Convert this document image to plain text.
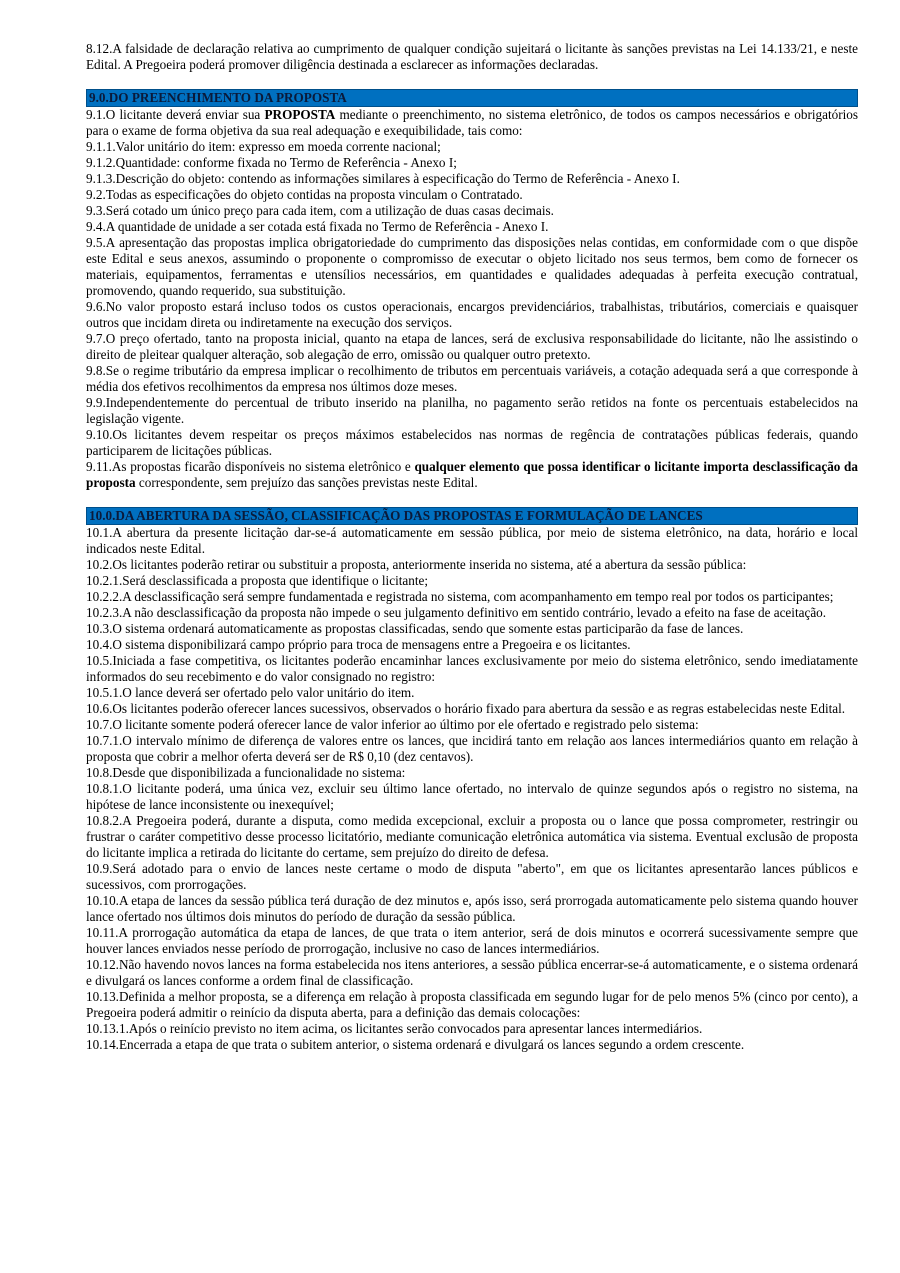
8.12.A falsidade de declaração relativa ao cumprimento de qualquer condição sujeitará o licitante às sanções previstas na Lei 14.133/21, e neste Edital. A Pregoeira poderá promover diligência destinada a esclarecer as informações declaradas.

9.0.DO PREENCHIMENTO DA PROPOSTA

9.1.O licitante deverá enviar sua PROPOSTA mediante o preenchimento, no sistema eletrônico, de todos os campos necessários e obrigatórios para o exame de forma objetiva da sua real adequação e exequibilidade, tais como:

9.1.1.Valor unitário do item: expresso em moeda corrente nacional;

9.1.2.Quantidade: conforme fixada no Termo de Referência - Anexo I;

9.1.3.Descrição do objeto: contendo as informações similares à especificação do Termo de Referência - Anexo I.

9.2.Todas as especificações do objeto contidas na proposta vinculam o Contratado.

9.3.Será cotado um único preço para cada item, com a utilização de duas casas decimais.

9.4.A quantidade de unidade a ser cotada está fixada no Termo de Referência - Anexo I.

9.5.A apresentação das propostas implica obrigatoriedade do cumprimento das disposições nelas contidas, em conformidade com o que dispõe este Edital e seus anexos, assumindo o proponente o compromisso de executar o objeto licitado nos seus termos, bem como de fornecer os materiais, equipamentos, ferramentas e utensílios necessários, em quantidades e qualidades adequadas à perfeita execução contratual, promovendo, quando requerido, sua substituição.

9.6.No valor proposto estará incluso todos os custos operacionais, encargos previdenciários, trabalhistas, tributários, comerciais e quaisquer outros que incidam direta ou indiretamente na execução dos serviços.

9.7.O preço ofertado, tanto na proposta inicial, quanto na etapa de lances, será de exclusiva responsabilidade do licitante, não lhe assistindo o direito de pleitear qualquer alteração, sob alegação de erro, omissão ou qualquer outro pretexto.

9.8.Se o regime tributário da empresa implicar o recolhimento de tributos em percentuais variáveis, a cotação adequada será a que corresponde à média dos efetivos recolhimentos da empresa nos últimos doze meses.

9.9.Independentemente do percentual de tributo inserido na planilha, no pagamento serão retidos na fonte os percentuais estabelecidos na legislação vigente.

9.10.Os licitantes devem respeitar os preços máximos estabelecidos nas normas de regência de contratações públicas federais, quando participarem de licitações públicas.

9.11.As propostas ficarão disponíveis no sistema eletrônico e qualquer elemento que possa identificar o licitante importa desclassificação da proposta correspondente, sem prejuízo das sanções previstas neste Edital.

10.0.DA ABERTURA DA SESSÃO, CLASSIFICAÇÃO DAS PROPOSTAS E FORMULAÇÃO DE LANCES

10.1.A abertura da presente licitação dar-se-á automaticamente em sessão pública, por meio de sistema eletrônico, na data, horário e local indicados neste Edital.

10.2.Os licitantes poderão retirar ou substituir a proposta, anteriormente inserida no sistema, até a abertura da sessão pública:

10.2.1.Será desclassificada a proposta que identifique o licitante;

10.2.2.A desclassificação será sempre fundamentada e registrada no sistema, com acompanhamento em tempo real por todos os participantes;

10.2.3.A não desclassificação da proposta não impede o seu julgamento definitivo em sentido contrário, levado a efeito na fase de aceitação.

10.3.O sistema ordenará automaticamente as propostas classificadas, sendo que somente estas participarão da fase de lances.

10.4.O sistema disponibilizará campo próprio para troca de mensagens entre a Pregoeira e os licitantes.

10.5.Iniciada a fase competitiva, os licitantes poderão encaminhar lances exclusivamente por meio do sistema eletrônico, sendo imediatamente informados do seu recebimento e do valor consignado no registro:

10.5.1.O lance deverá ser ofertado pelo valor unitário do item.

10.6.Os licitantes poderão oferecer lances sucessivos, observados o horário fixado para abertura da sessão e as regras estabelecidas neste Edital.

10.7.O licitante somente poderá oferecer lance de valor inferior ao último por ele ofertado e registrado pelo sistema:

10.7.1.O intervalo mínimo de diferença de valores entre os lances, que incidirá tanto em relação aos lances intermediários quanto em relação à proposta que cobrir a melhor oferta deverá ser de R$ 0,10 (dez centavos).

10.8.Desde que disponibilizada a funcionalidade no sistema:

10.8.1.O licitante poderá, uma única vez, excluir seu último lance ofertado, no intervalo de quinze segundos após o registro no sistema, na hipótese de lance inconsistente ou inexequível;

10.8.2.A Pregoeira poderá, durante a disputa, como medida excepcional, excluir a proposta ou o lance que possa comprometer, restringir ou frustrar o caráter competitivo desse processo licitatório, mediante comunicação eletrônica automática via sistema. Eventual exclusão de proposta do licitante implica a retirada do licitante do certame, sem prejuízo do direito de defesa.

10.9.Será adotado para o envio de lances neste certame o modo de disputa "aberto", em que os licitantes apresentarão lances públicos e sucessivos, com prorrogações.

10.10.A etapa de lances da sessão pública terá duração de dez minutos e, após isso, será prorrogada automaticamente pelo sistema quando houver lance ofertado nos últimos dois minutos do período de duração da sessão pública.

10.11.A prorrogação automática da etapa de lances, de que trata o item anterior, será de dois minutos e ocorrerá sucessivamente sempre que houver lances enviados nesse período de prorrogação, inclusive no caso de lances intermediários.

10.12.Não havendo novos lances na forma estabelecida nos itens anteriores, a sessão pública encerrar-se-á automaticamente, e o sistema ordenará e divulgará os lances conforme a ordem final de classificação.

10.13.Definida a melhor proposta, se a diferença em relação à proposta classificada em segundo lugar for de pelo menos 5% (cinco por cento), a Pregoeira poderá admitir o reinício da disputa aberta, para a definição das demais colocações:

10.13.1.Após o reinício previsto no item acima, os licitantes serão convocados para apresentar lances intermediários.

10.14.Encerrada a etapa de que trata o subitem anterior, o sistema ordenará e divulgará os lances segundo a ordem crescente.
